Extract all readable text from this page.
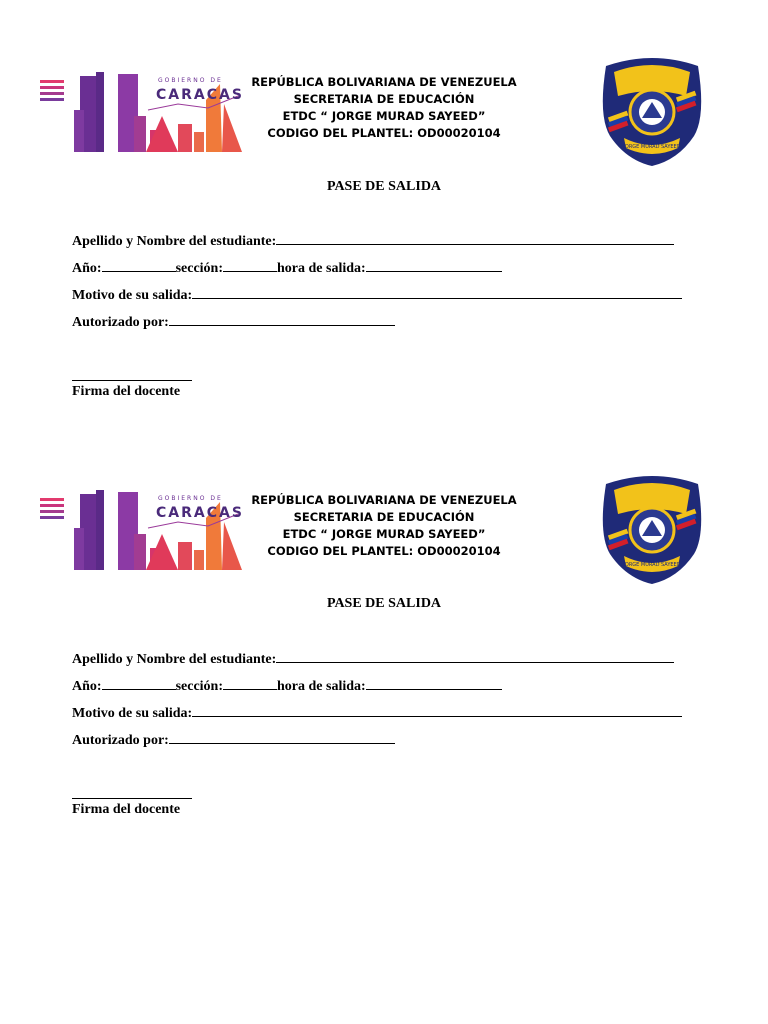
GOBIERNO DE
CARACAS
REPÚBLICA BOLIVARIANA DE VENEZUELA
SECRETARIA DE EDUCACIÓN
ETDC “ JORGE MURAD SAYEED”
CODIGO DEL PLANTEL: OD00020104
JORGE MURAD SAYEED
PASE DE SALIDA
Apellido y Nombre del estudiante:
Año:	sección:	hora de salida:
Motivo de su salida:
Autorizado por:
Firma del docente
GOBIERNO DE
CARACAS
REPÚBLICA BOLIVARIANA DE VENEZUELA
SECRETARIA DE EDUCACIÓN
ETDC “ JORGE MURAD SAYEED”
CODIGO DEL PLANTEL: OD00020104
JORGE MURAD SAYEED
PASE DE SALIDA
Apellido y Nombre del estudiante:
Año:	sección:	hora de salida:
Motivo de su salida:
Autorizado por:
Firma del docente
